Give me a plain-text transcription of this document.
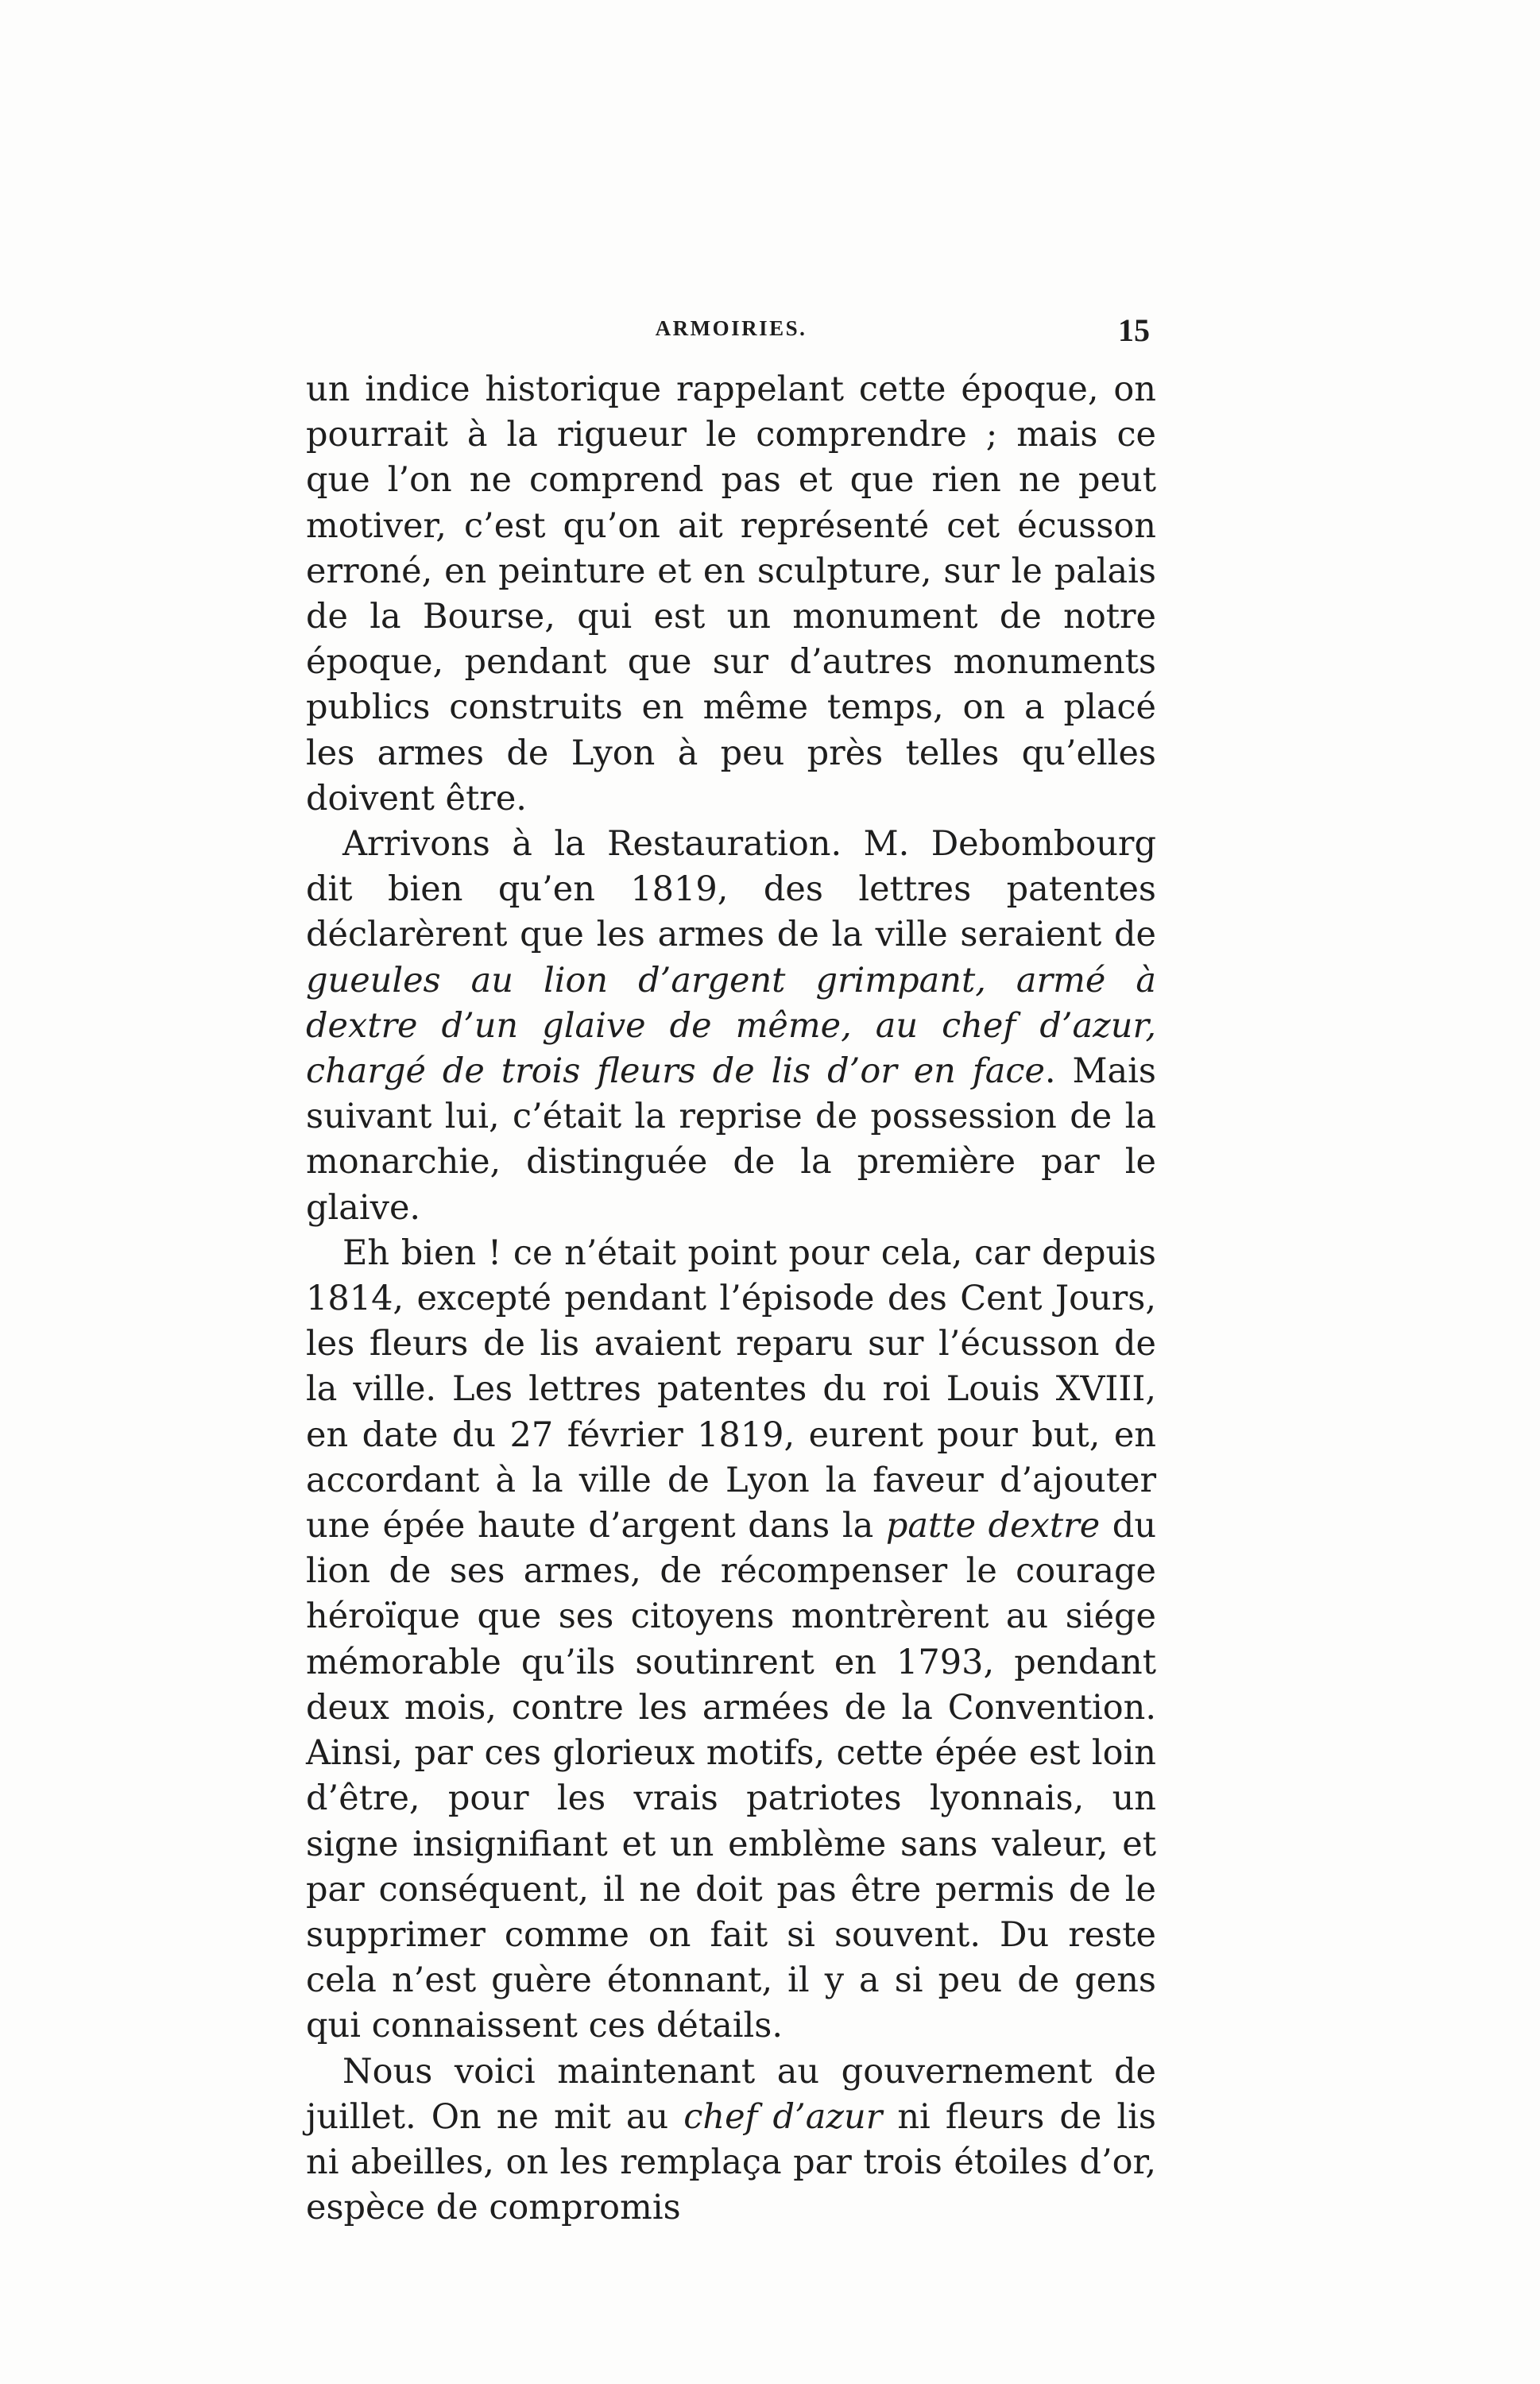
ARMOIRIES.	15

un indice historique rappelant cette époque, on pourrait à la rigueur le comprendre ; mais ce que l’on ne comprend pas et que rien ne peut motiver, c’est qu’on ait représenté cet écusson erroné, en peinture et en sculpture, sur le palais de la Bourse, qui est un monument de notre époque, pendant que sur d’autres monuments publics construits en même temps, on a placé les armes de Lyon à peu près telles qu’elles doivent être.

Arrivons à la Restauration. M. Debombourg dit bien qu’en 1819, des lettres patentes déclarèrent que les armes de la ville seraient de gueules au lion d’argent grimpant, armé à dextre d’un glaive de même, au chef d’azur, chargé de trois fleurs de lis d’or en face. Mais suivant lui, c’était la reprise de possession de la monarchie, distinguée de la première par le glaive.

Eh bien ! ce n’était point pour cela, car depuis 1814, excepté pendant l’épisode des Cent Jours, les fleurs de lis avaient reparu sur l’écusson de la ville. Les lettres patentes du roi Louis XVIII, en date du 27 février 1819, eurent pour but, en accordant à la ville de Lyon la faveur d’ajouter une épée haute d’argent dans la patte dextre du lion de ses armes, de récompenser le courage héroïque que ses citoyens montrèrent au siége mémorable qu’ils soutinrent en 1793, pendant deux mois, contre les armées de la Convention. Ainsi, par ces glorieux motifs, cette épée est loin d’être, pour les vrais patriotes lyonnais, un signe insignifiant et un emblème sans valeur, et par conséquent, il ne doit pas être permis de le supprimer comme on fait si souvent. Du reste cela n’est guère étonnant, il y a si peu de gens qui connaissent ces détails.

Nous voici maintenant au gouvernement de juillet. On ne mit au chef d’azur ni fleurs de lis ni abeilles, on les remplaça par trois étoiles d’or, espèce de compromis
